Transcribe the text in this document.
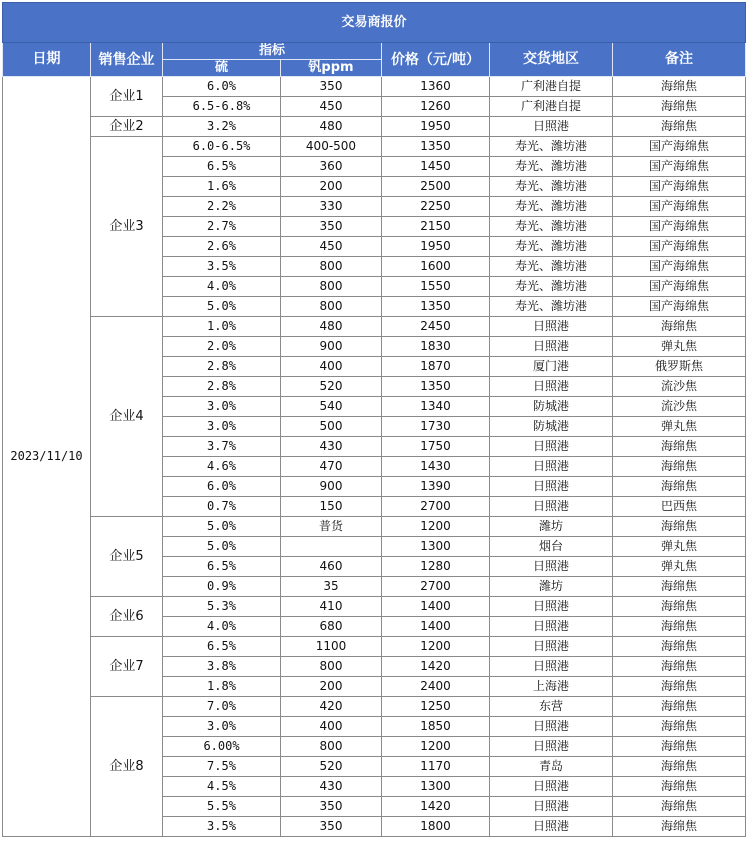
交易商报价						
日期	销售企业	指标		价格（元/吨）	交货地区	备注
		硫	钒ppm			
2023/11/10	企业1	6.0%	350	1360	广利港自提	海绵焦
		6.5-6.8%	450	1260	广利港自提	海绵焦
	企业2	3.2%	480	1950	日照港	海绵焦
	企业3	6.0-6.5%	400-500	1350	寿光、潍坊港	国产海绵焦
		6.5%	360	1450	寿光、潍坊港	国产海绵焦
		1.6%	200	2500	寿光、潍坊港	国产海绵焦
		2.2%	330	2250	寿光、潍坊港	国产海绵焦
		2.7%	350	2150	寿光、潍坊港	国产海绵焦
		2.6%	450	1950	寿光、潍坊港	国产海绵焦
		3.5%	800	1600	寿光、潍坊港	国产海绵焦
		4.0%	800	1550	寿光、潍坊港	国产海绵焦
		5.0%	800	1350	寿光、潍坊港	国产海绵焦
	企业4	1.0%	480	2450	日照港	海绵焦
		2.0%	900	1830	日照港	弹丸焦
		2.8%	400	1870	厦门港	俄罗斯焦
		2.8%	520	1350	日照港	流沙焦
		3.0%	540	1340	防城港	流沙焦
		3.0%	500	1730	防城港	弹丸焦
		3.7%	430	1750	日照港	海绵焦
		4.6%	470	1430	日照港	海绵焦
		6.0%	900	1390	日照港	海绵焦
		0.7%	150	2700	日照港	巴西焦
	企业5	5.0%	普货	1200	潍坊	海绵焦
		5.0%		1300	烟台	弹丸焦
		6.5%	460	1280	日照港	弹丸焦
		0.9%	35	2700	潍坊	海绵焦
	企业6	5.3%	410	1400	日照港	海绵焦
		4.0%	680	1400	日照港	海绵焦
	企业7	6.5%	1100	1200	日照港	海绵焦
		3.8%	800	1420	日照港	海绵焦
		1.8%	200	2400	上海港	海绵焦
	企业8	7.0%	420	1250	东营	海绵焦
		3.0%	400	1850	日照港	海绵焦
		6.00%	800	1200	日照港	海绵焦
		7.5%	520	1170	青岛	海绵焦
		4.5%	430	1300	日照港	海绵焦
		5.5%	350	1420	日照港	海绵焦
		3.5%	350	1800	日照港	海绵焦
